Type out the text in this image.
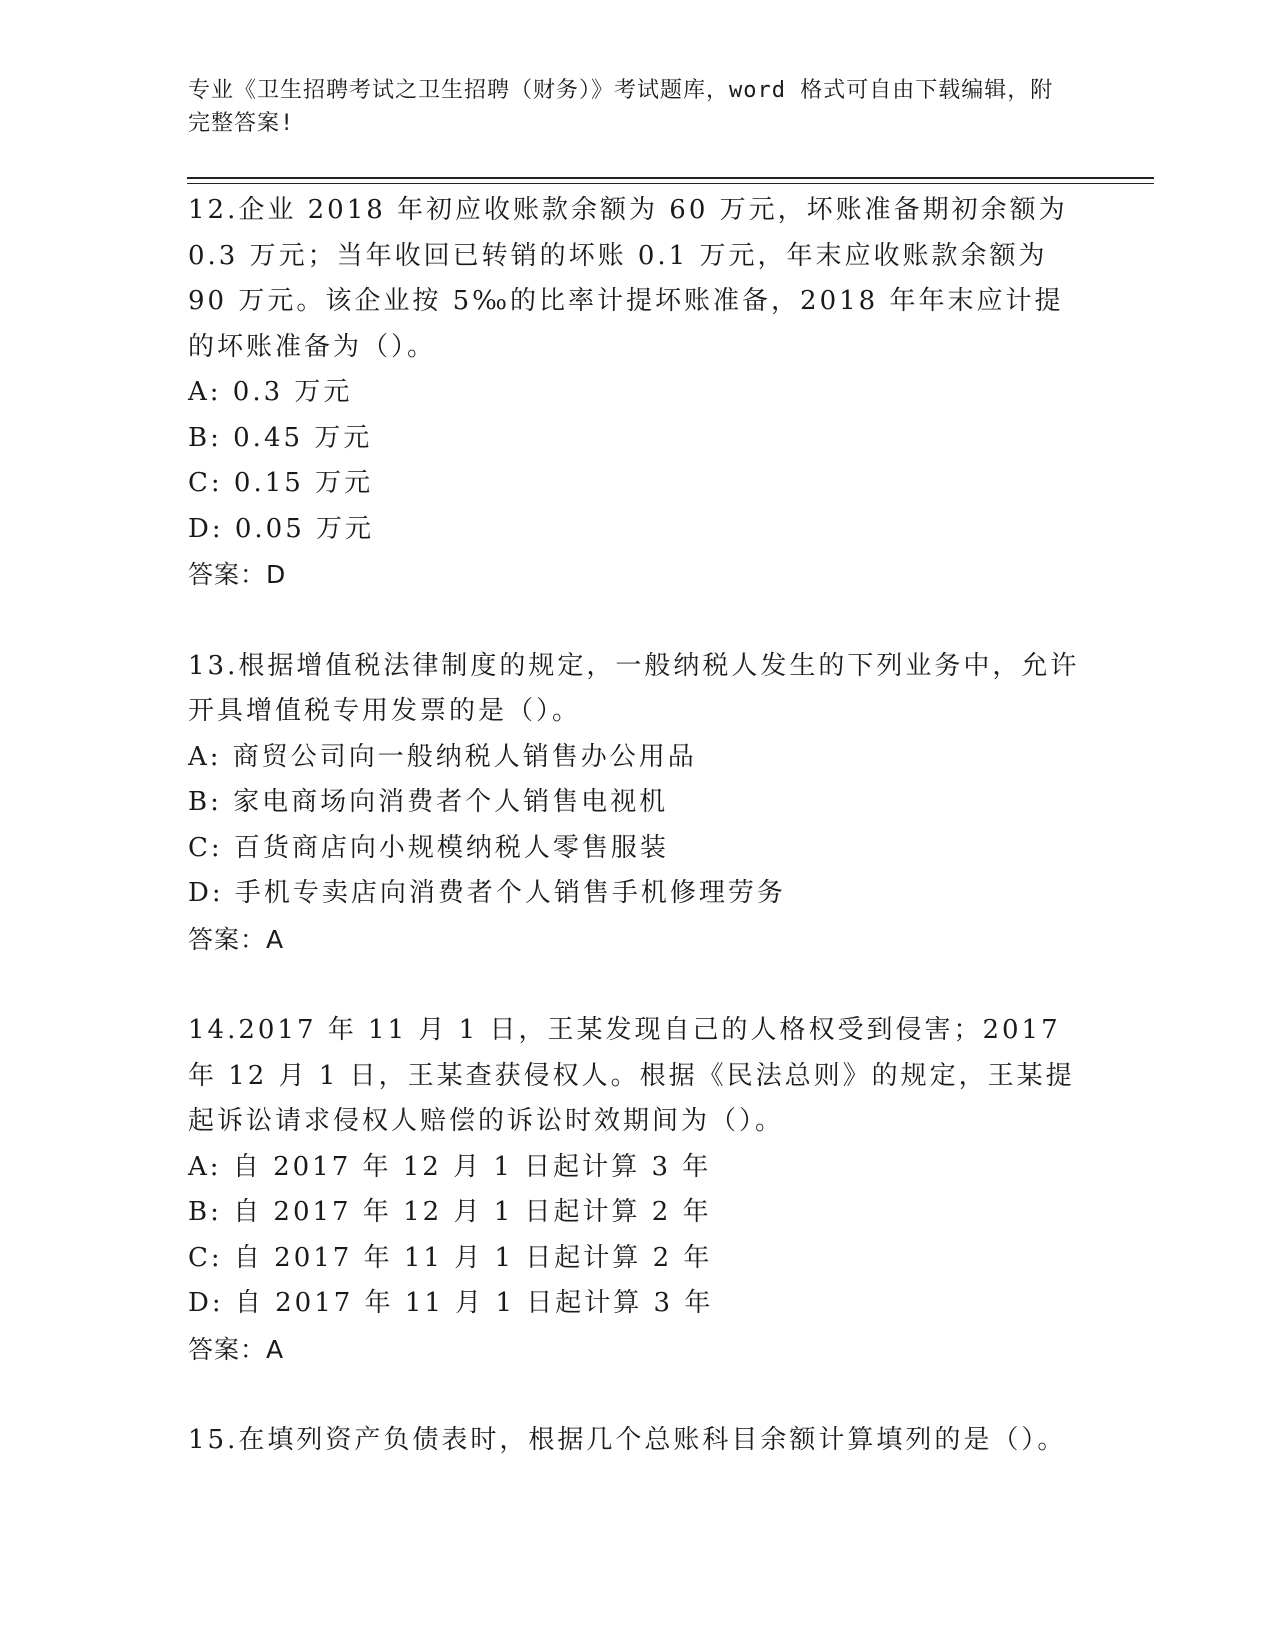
专业《卫生招聘考试之卫生招聘（财务）》考试题库，word 格式可自由下载编辑，附完整答案!

12.企业 2018 年初应收账款余额为 60 万元，坏账准备期初余额为 0.3 万元；当年收回已转销的坏账 0.1 万元，年末应收账款余额为 90 万元。该企业按 5‰的比率计提坏账准备，2018 年年末应计提的坏账准备为（）。

A: 0.3 万元

B: 0.45 万元

C: 0.15 万元

D: 0.05 万元

答案：D

13.根据增值税法律制度的规定，一般纳税人发生的下列业务中，允许开具增值税专用发票的是（）。

A: 商贸公司向一般纳税人销售办公用品

B: 家电商场向消费者个人销售电视机

C: 百货商店向小规模纳税人零售服装

D: 手机专卖店向消费者个人销售手机修理劳务

答案：A

14.2017 年 11 月 1 日，王某发现自己的人格权受到侵害；2017 年 12 月 1 日，王某查获侵权人。根据《民法总则》的规定，王某提起诉讼请求侵权人赔偿的诉讼时效期间为（）。

A: 自 2017 年 12 月 1 日起计算 3 年

B: 自 2017 年 12 月 1 日起计算 2 年

C: 自 2017 年 11 月 1 日起计算 2 年

D: 自 2017 年 11 月 1 日起计算 3 年

答案：A

15.在填列资产负债表时，根据几个总账科目余额计算填列的是（）。
